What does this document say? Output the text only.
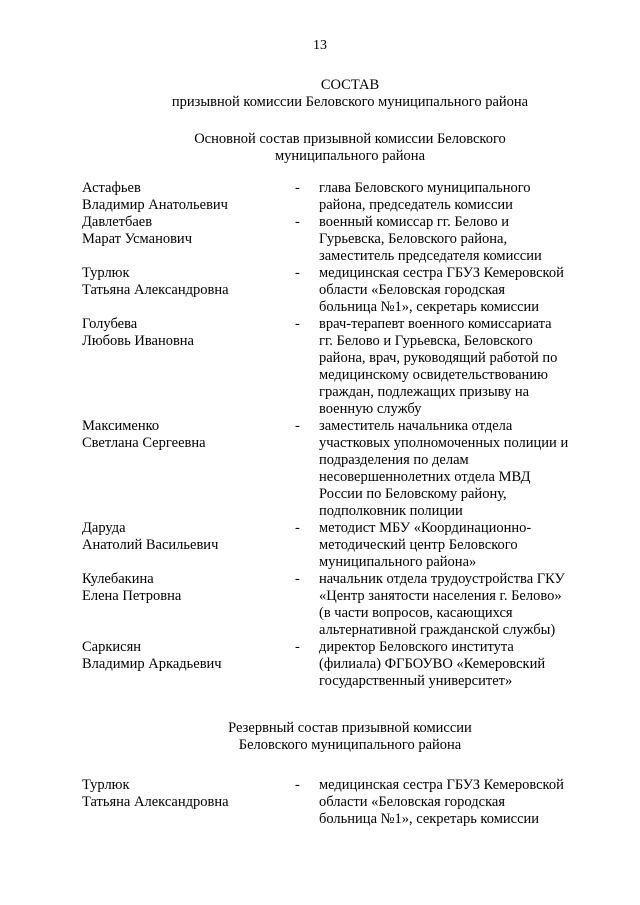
13
СОСТАВ
призывной комиссии Беловского муниципального района
Основной состав призывной комиссии Беловского
муниципального района
Астафьев
Владимир Анатольевич
- глава Беловского муниципального
района, председатель комиссии
Давлетбаев
Марат Усманович
- военный комиссар гг. Белово и
Гурьевска, Беловского района,
заместитель председателя комиссии
Турлюк
Татьяна Александровна
- медицинская сестра ГБУЗ Кемеровской
области «Беловская городская
больница №1», секретарь комиссии
Голубева
Любовь Ивановна
- врач-терапевт военного комиссариата
гг. Белово и Гурьевска, Беловского
района, врач, руководящий работой по
медицинскому освидетельствованию
граждан, подлежащих призыву на
военную службу
Максименко
Светлана Сергеевна
- заместитель начальника отдела
участковых уполномоченных полиции и
подразделения по делам
несовершеннолетних отдела МВД
России по Беловскому району,
подполковник полиции
Даруда
Анатолий Васильевич
- методист МБУ «Координационно-
методический центр Беловского
муниципального района»
Кулебакина
Елена Петровна
- начальник отдела трудоустройства ГКУ
«Центр занятости населения г. Белово»
(в части вопросов, касающихся
альтернативной гражданской службы)
Саркисян
Владимир Аркадьевич
- директор Беловского института
(филиала) ФГБОУВО «Кемеровский
государственный университет»
Резервный состав призывной комиссии
Беловского муниципального района
Турлюк
Татьяна Александровна
- медицинская сестра ГБУЗ Кемеровской
области «Беловская городская
больница №1», секретарь комиссии
